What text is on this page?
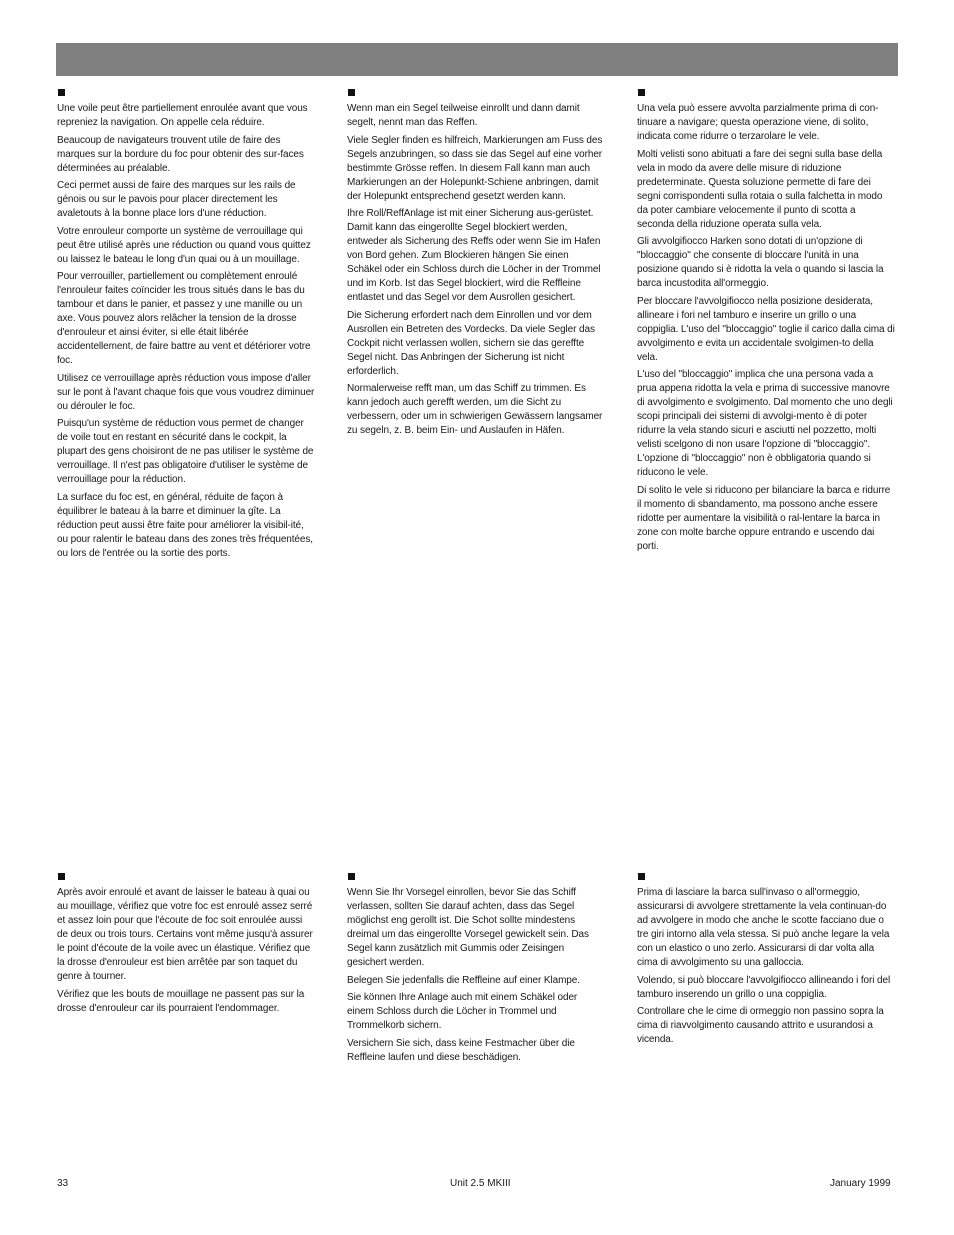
Une voile peut être partiellement enroulée avant que vous repreniez la navigation. On appelle cela réduire.

Beaucoup de navigateurs trouvent utile de faire des marques sur la bordure du foc pour obtenir des sur-faces déterminées au préalable.

Ceci permet aussi de faire des marques sur les rails de génois ou sur le pavois pour placer directement les avaletouts à la bonne place lors d'une réduction.

Votre enrouleur comporte un système de verrouillage qui peut être utilisé après une réduction ou quand vous quittez ou laissez le bateau le long d'un quai ou à un mouillage.

Pour verrouiller, partiellement ou complètement enroulé l'enrouleur faites coïncider les trous situés dans le bas du tambour et dans le panier, et passez y une manille ou un axe. Vous pouvez alors relâcher la tension de la drosse d'enrouleur et ainsi éviter, si elle était libérée accidentellement, de faire battre au vent et détériorer votre foc.

Utilisez ce verrouillage après réduction vous impose d'aller sur le pont à l'avant chaque fois que vous voudrez diminuer ou dérouler le foc.

Puisqu'un système de réduction vous permet de changer de voile tout en restant en sécurité dans le cockpit, la plupart des gens choisiront de ne pas utiliser le système de verrouillage. Il n'est pas obligatoire d'utiliser le système de verrouillage pour la réduction.

La surface du foc est, en général, réduite de façon à équilibrer le bateau à la barre et diminuer la gîte. La réduction peut aussi être faite pour améliorer la visibil-ité, ou pour ralentir le bateau dans des zones très fréquentées, ou lors de l'entrée ou la sortie des ports.

Wenn man ein Segel teilweise einrollt und dann damit segelt, nennt man das Reffen.

Viele Segler finden es hilfreich, Markierungen am Fuss des Segels anzubringen, so dass sie das Segel auf eine vorher bestimmte Grösse reffen. In diesem Fall kann man auch Markierungen an der Holepunkt-Schiene anbringen, damit der Holepunkt entsprechend gesetzt werden kann.

Ihre Roll/ReffAnlage ist mit einer Sicherung aus-gerüstet. Damit kann das eingerollte Segel blockiert werden, entweder als Sicherung des Reffs oder wenn Sie im Hafen von Bord gehen. Zum Blockieren hängen Sie einen Schäkel oder ein Schloss durch die Löcher in der Trommel und im Korb. Ist das Segel blockiert, wird die Reffleine entlastet und das Segel vor dem Ausrollen gesichert.

Die Sicherung erfordert nach dem Einrollen und vor dem Ausrollen ein Betreten des Vordecks. Da viele Segler das Cockpit nicht verlassen wollen, sichern sie das gereffte Segel nicht. Das Anbringen der Sicherung ist nicht erforderlich.

Normalerweise refft man, um das Schiff zu trimmen. Es kann jedoch auch gerefft werden, um die Sicht zu verbessern, oder um in schwierigen Gewässern langsamer zu segeln, z. B. beim Ein- und Auslaufen in Häfen.

Una vela può essere avvolta parzialmente prima di con-tinuare a navigare; questa operazione viene, di solito, indicata come ridurre o terzarolare le vele.

Molti velisti sono abituati a fare dei segni sulla base della vela in modo da avere delle misure di riduzione predeterminate. Questa soluzione permette di fare dei segni corrispondenti sulla rotaia o sulla falchetta in modo da poter cambiare velocemente il punto di scotta a seconda della riduzione operata sulla vela.

Gli avvolgifiocco Harken sono dotati di un'opzione di "bloccaggio" che consente di bloccare l'unità in una posizione quando si è ridotta la vela o quando si lascia la barca incustodita all'ormeggio.

Per bloccare l'avvolgifiocco nella posizione desiderata, allineare i fori nel tamburo e inserire un grillo o una coppiglia. L'uso del "bloccaggio" toglie il carico dalla cima di avvolgimento e evita un accidentale svolgimen-to della vela.

L'uso del "bloccaggio" implica che una persona vada a prua appena ridotta la vela e prima di successive manovre di avvolgimento e svolgimento. Dal momento che uno degli scopi principali dei sistemi di avvolgi-mento è di poter ridurre la vela stando sicuri e asciutti nel pozzetto, molti velisti scelgono di non usare l'opzione di "bloccaggio". L'opzione di "bloccaggio" non è obbligatoria quando si riducono le vele.

Di solito le vele si riducono per bilanciare la barca e ridurre il momento di sbandamento, ma possono anche essere ridotte per aumentare la visibilità o ral-lentare la barca in zone con molte barche oppure entrando e uscendo dai porti.

Après avoir enroulé et avant de laisser le bateau à quai ou au mouillage, vérifiez que votre foc est enroulé assez serré et assez loin pour que l'écoute de foc soit enroulée aussi de deux ou trois tours. Certains vont même jusqu'à assurer le point d'écoute de la voile avec un élastique. Vérifiez que la drosse d'enrouleur est bien arrêtée par son taquet du genre à tourner.

Vérifiez que les bouts de mouillage ne passent pas sur la drosse d'enrouleur car ils pourraient l'endommager.

Wenn Sie Ihr Vorsegel einrollen, bevor Sie das Schiff verlassen, sollten Sie darauf achten, dass das Segel möglichst eng gerollt ist. Die Schot sollte mindestens dreimal um das eingerollte Vorsegel gewickelt sein. Das Segel kann zusätzlich mit Gummis oder Zeisingen gesichert werden.

Belegen Sie jedenfalls die Reffleine auf einer Klampe.

Sie können Ihre Anlage auch mit einem Schäkel oder einem Schloss durch die Löcher in Trommel und Trommelkorb sichern.

Versichern Sie sich, dass keine Festmacher über die Reffleine laufen und diese beschädigen.

Prima di lasciare la barca sull'invaso o all'ormeggio, assicurarsi di avvolgere strettamente la vela continuan-do ad avvolgere in modo che anche le scotte facciano due o tre giri intorno alla vela stessa. Si può anche legare la vela con un elastico o uno zerlo. Assicurarsi di dar volta alla cima di avvolgimento su una galloccia.

Volendo, si può bloccare l'avvolgifiocco allineando i fori del tamburo inserendo un grillo o una coppiglia.

Controllare che le cime di ormeggio non passino sopra la cima di riavvolgimento causando attrito e usurandosi a vicenda.

33	Unit 2.5 MKIII	January 1999
